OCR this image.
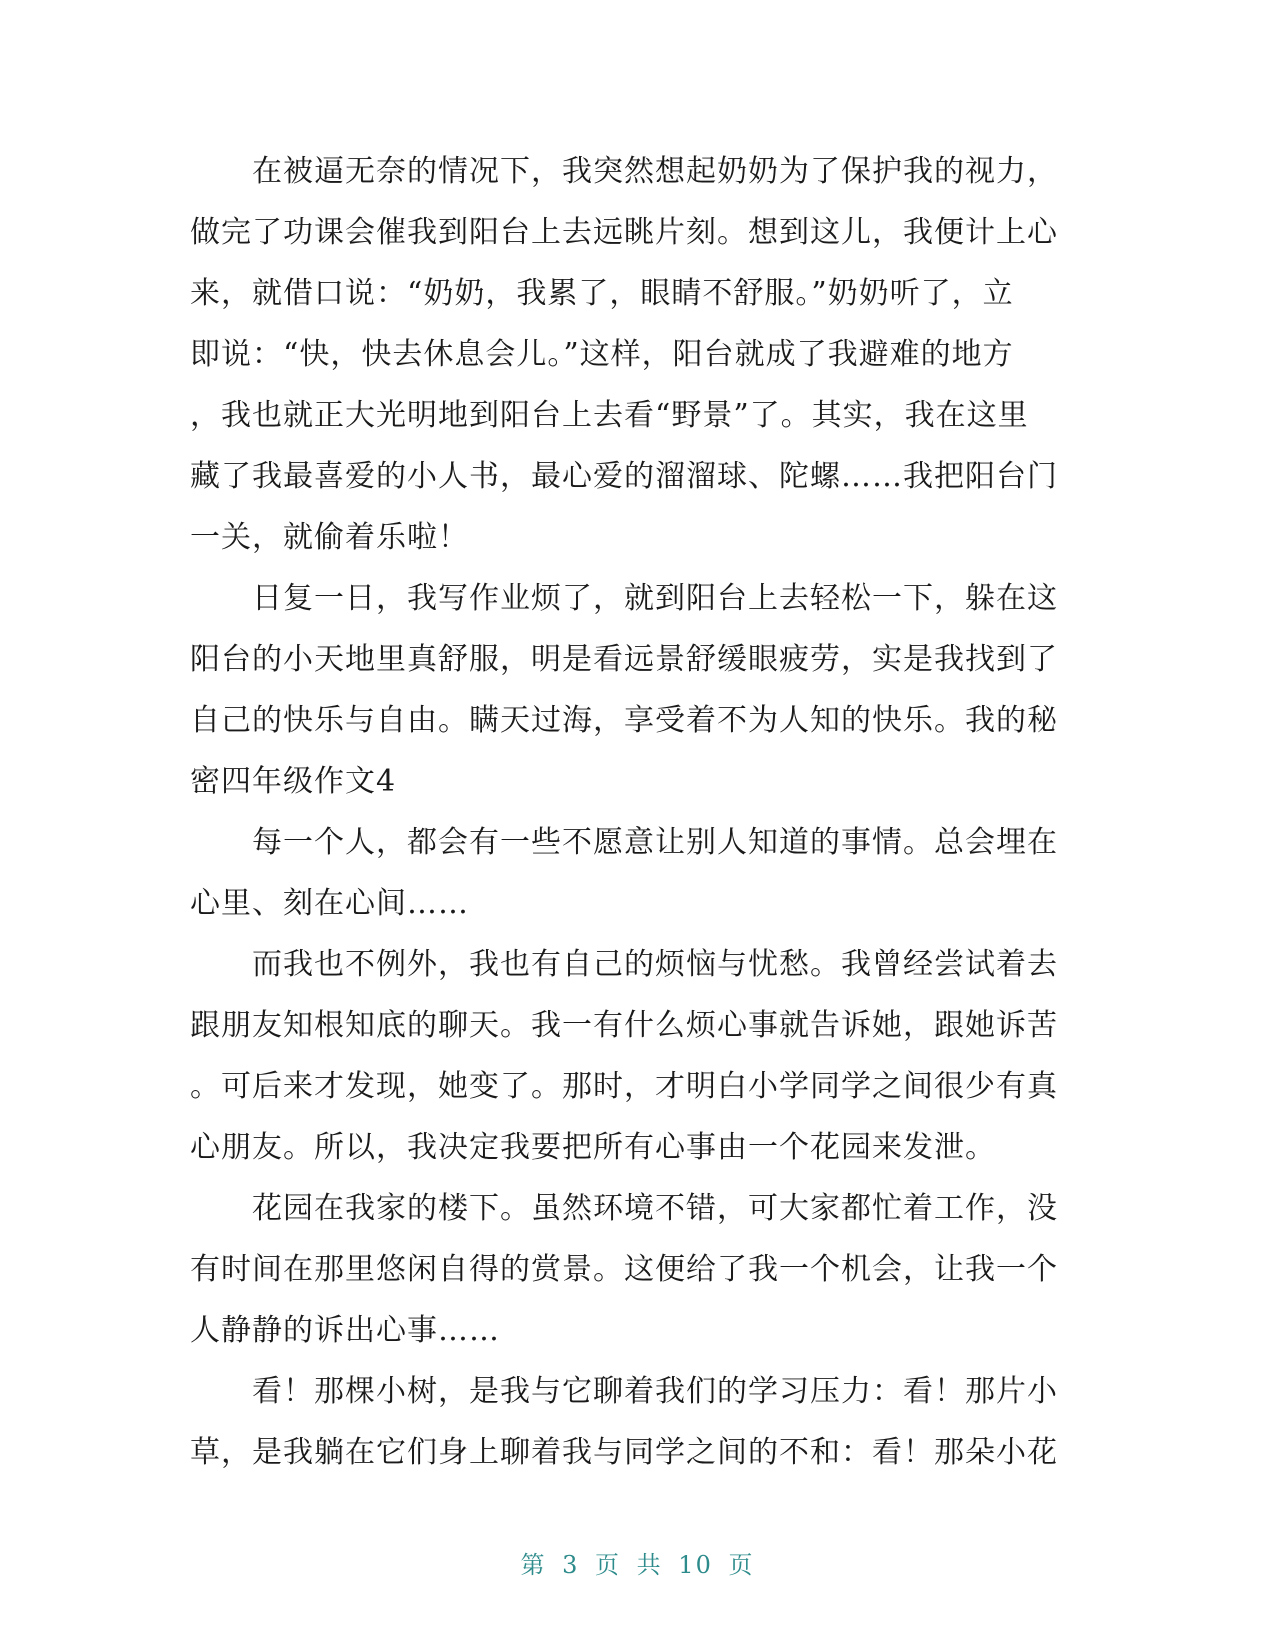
在被逼无奈的情况下，我突然想起奶奶为了保护我的视力，
做完了功课会催我到阳台上去远眺片刻。想到这儿，我便计上心
来，就借口说：“奶奶，我累了，眼睛不舒服。”奶奶听了，立
即说：“快，快去休息会儿。”这样，阳台就成了我避难的地方
，我也就正大光明地到阳台上去看“野景”了。其实，我在这里
藏了我最喜爱的小人书，最心爱的溜溜球、陀螺……我把阳台门
一关，就偷着乐啦！
日复一日，我写作业烦了，就到阳台上去轻松一下，躲在这
阳台的小天地里真舒服，明是看远景舒缓眼疲劳，实是我找到了
自己的快乐与自由。瞒天过海，享受着不为人知的快乐。我的秘
密四年级作文4
每一个人，都会有一些不愿意让别人知道的事情。总会埋在
心里、刻在心间……
而我也不例外，我也有自己的烦恼与忧愁。我曾经尝试着去
跟朋友知根知底的聊天。我一有什么烦心事就告诉她，跟她诉苦
。可后来才发现，她变了。那时，才明白小学同学之间很少有真
心朋友。所以，我决定我要把所有心事由一个花园来发泄。
花园在我家的楼下。虽然环境不错，可大家都忙着工作，没
有时间在那里悠闲自得的赏景。这便给了我一个机会，让我一个
人静静的诉出心事……
看！那棵小树，是我与它聊着我们的学习压力：看！那片小
草，是我躺在它们身上聊着我与同学之间的不和：看！那朵小花
第 3 页 共 10 页
